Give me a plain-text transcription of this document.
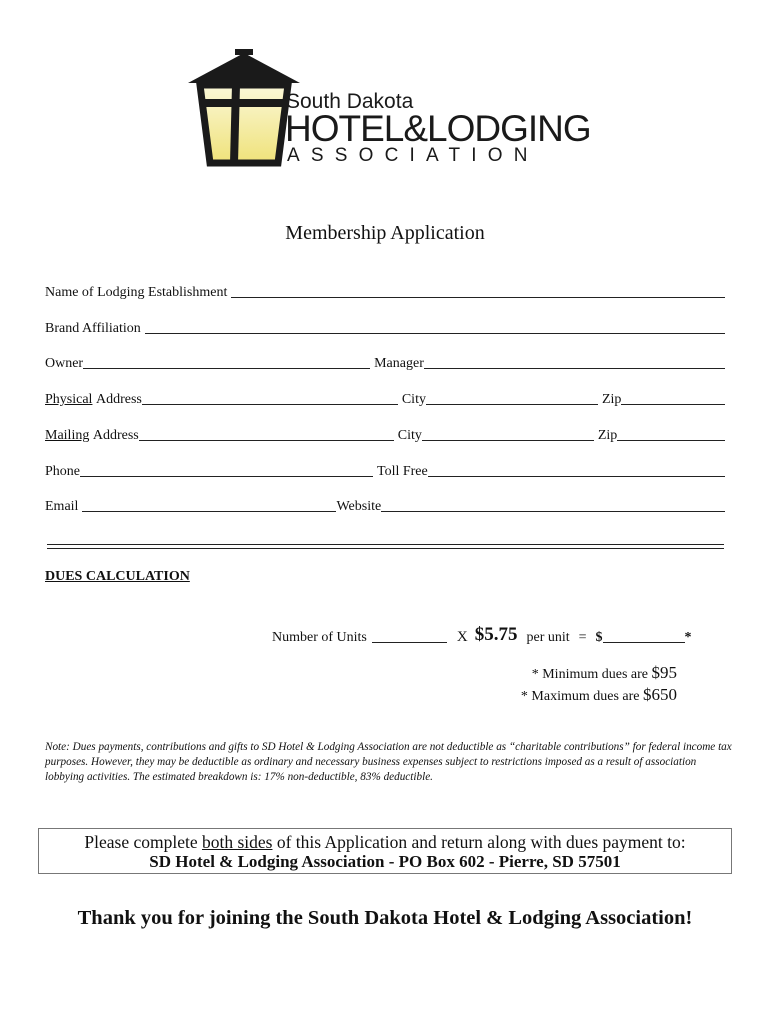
South Dakota
HOTEL&LODGING
ASSOCIATION
Membership Application
Name of Lodging Establishment
Brand Affiliation
Owner	Manager
Physical Address	City	Zip
Mailing Address	City	Zip
Phone	Toll Free
Email	Website
DUES CALCULATION
Number of Units	X $5.75 per unit = $	*
* Minimum dues are $95
* Maximum dues are $650
Note: Dues payments, contributions and gifts to SD Hotel & Lodging Association are not deductible as “charitable contributions” for federal income tax purposes. However, they may be deductible as ordinary and necessary business expenses subject to restrictions imposed as a result of association lobbying activities. The estimated breakdown is: 17% non-deductible, 83% deductible.
Please complete both sides of this Application and return along with dues payment to:
SD Hotel & Lodging Association - PO Box 602 - Pierre, SD 57501
Thank you for joining the South Dakota Hotel & Lodging Association!
